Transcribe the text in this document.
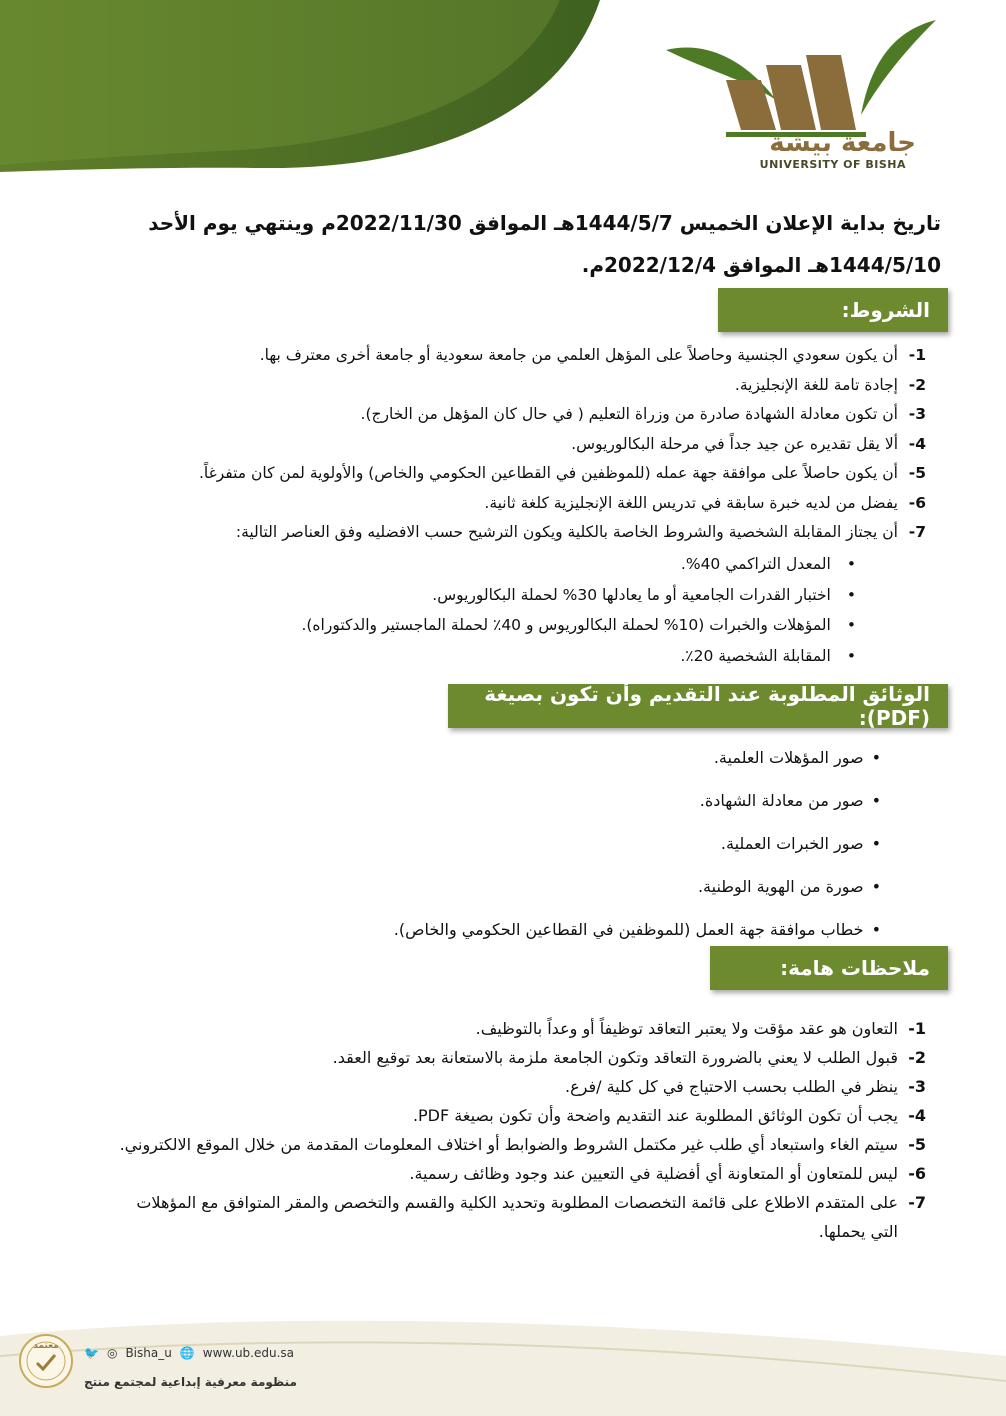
جامعة بيشة
UNIVERSITY OF BISHA
تاريخ بداية الإعلان الخميس 1444/5/7هـ الموافق 2022/11/30م وينتهي يوم الأحد
1444/5/10هـ الموافق 2022/12/4م.
الشروط:
1-
أن يكون سعودي الجنسية وحاصلاً على المؤهل العلمي من جامعة سعودية أو جامعة أخرى معترف بها.
2-
إجادة تامة للغة الإنجليزية.
3-
أن تكون معادلة الشهادة صادرة من وزراة التعليم ( في حال كان المؤهل من الخارج).
4-
ألا يقل تقديره عن جيد جداً في مرحلة البكالوريوس.
5-
أن يكون حاصلاً على موافقة جهة عمله (للموظفين في القطاعين الحكومي والخاص) والأولوية لمن كان متفرغاً.
6-
يفضل من لديه خبرة سابقة في تدريس اللغة الإنجليزية كلغة ثانية.
7-
أن يجتاز المقابلة الشخصية والشروط الخاصة بالكلية ويكون الترشيح حسب الافضليه وفق العناصر التالية:
• المعدل التراكمي 40%.
• اختبار القدرات الجامعية أو ما يعادلها 30% لحملة البكالوريوس.
• المؤهلات والخبرات (10% لحملة البكالوريوس و 40٪ لحملة الماجستير والدكتوراه).
• المقابلة الشخصية 20٪.
الوثائق المطلوبة عند التقديم وأن تكون بصيغة (PDF):
• صور المؤهلات العلمية.
• صور من معادلة الشهادة.
• صور الخبرات العملية.
• صورة من الهوية الوطنية.
• خطاب موافقة جهة العمل (للموظفين في القطاعين الحكومي والخاص).
ملاحظات هامة:
1-
التعاون هو عقد مؤقت ولا يعتبر التعاقد توظيفاً أو وعداً بالتوظيف.
2-
قبول الطلب لا يعني بالضرورة التعاقد وتكون الجامعة ملزمة بالاستعانة بعد توقيع العقد.
3-
ينظر في الطلب بحسب الاحتياج في كل كلية /فرع.
4-
يجب أن تكون الوثائق المطلوبة عند التقديم واضحة وأن تكون بصيغة PDF.
5-
سيتم الغاء واستبعاد أي طلب غير مكتمل الشروط والضوابط أو اختلاف المعلومات المقدمة من خلال الموقع الالكتروني.
6-
ليس للمتعاون أو المتعاونة أي أفضلية في التعيين عند وجود وظائف رسمية.
7-
على المتقدم الاطلاع على قائمة التخصصات المطلوبة وتحديد الكلية والقسم والتخصص والمقر المتوافق مع المؤهلات التي يحملها.
معتمد	🐦 ◎ Bisha_u 🌐 www.ub.edu.sa
منظومة معرفية إبداعية لمجتمع منتج
